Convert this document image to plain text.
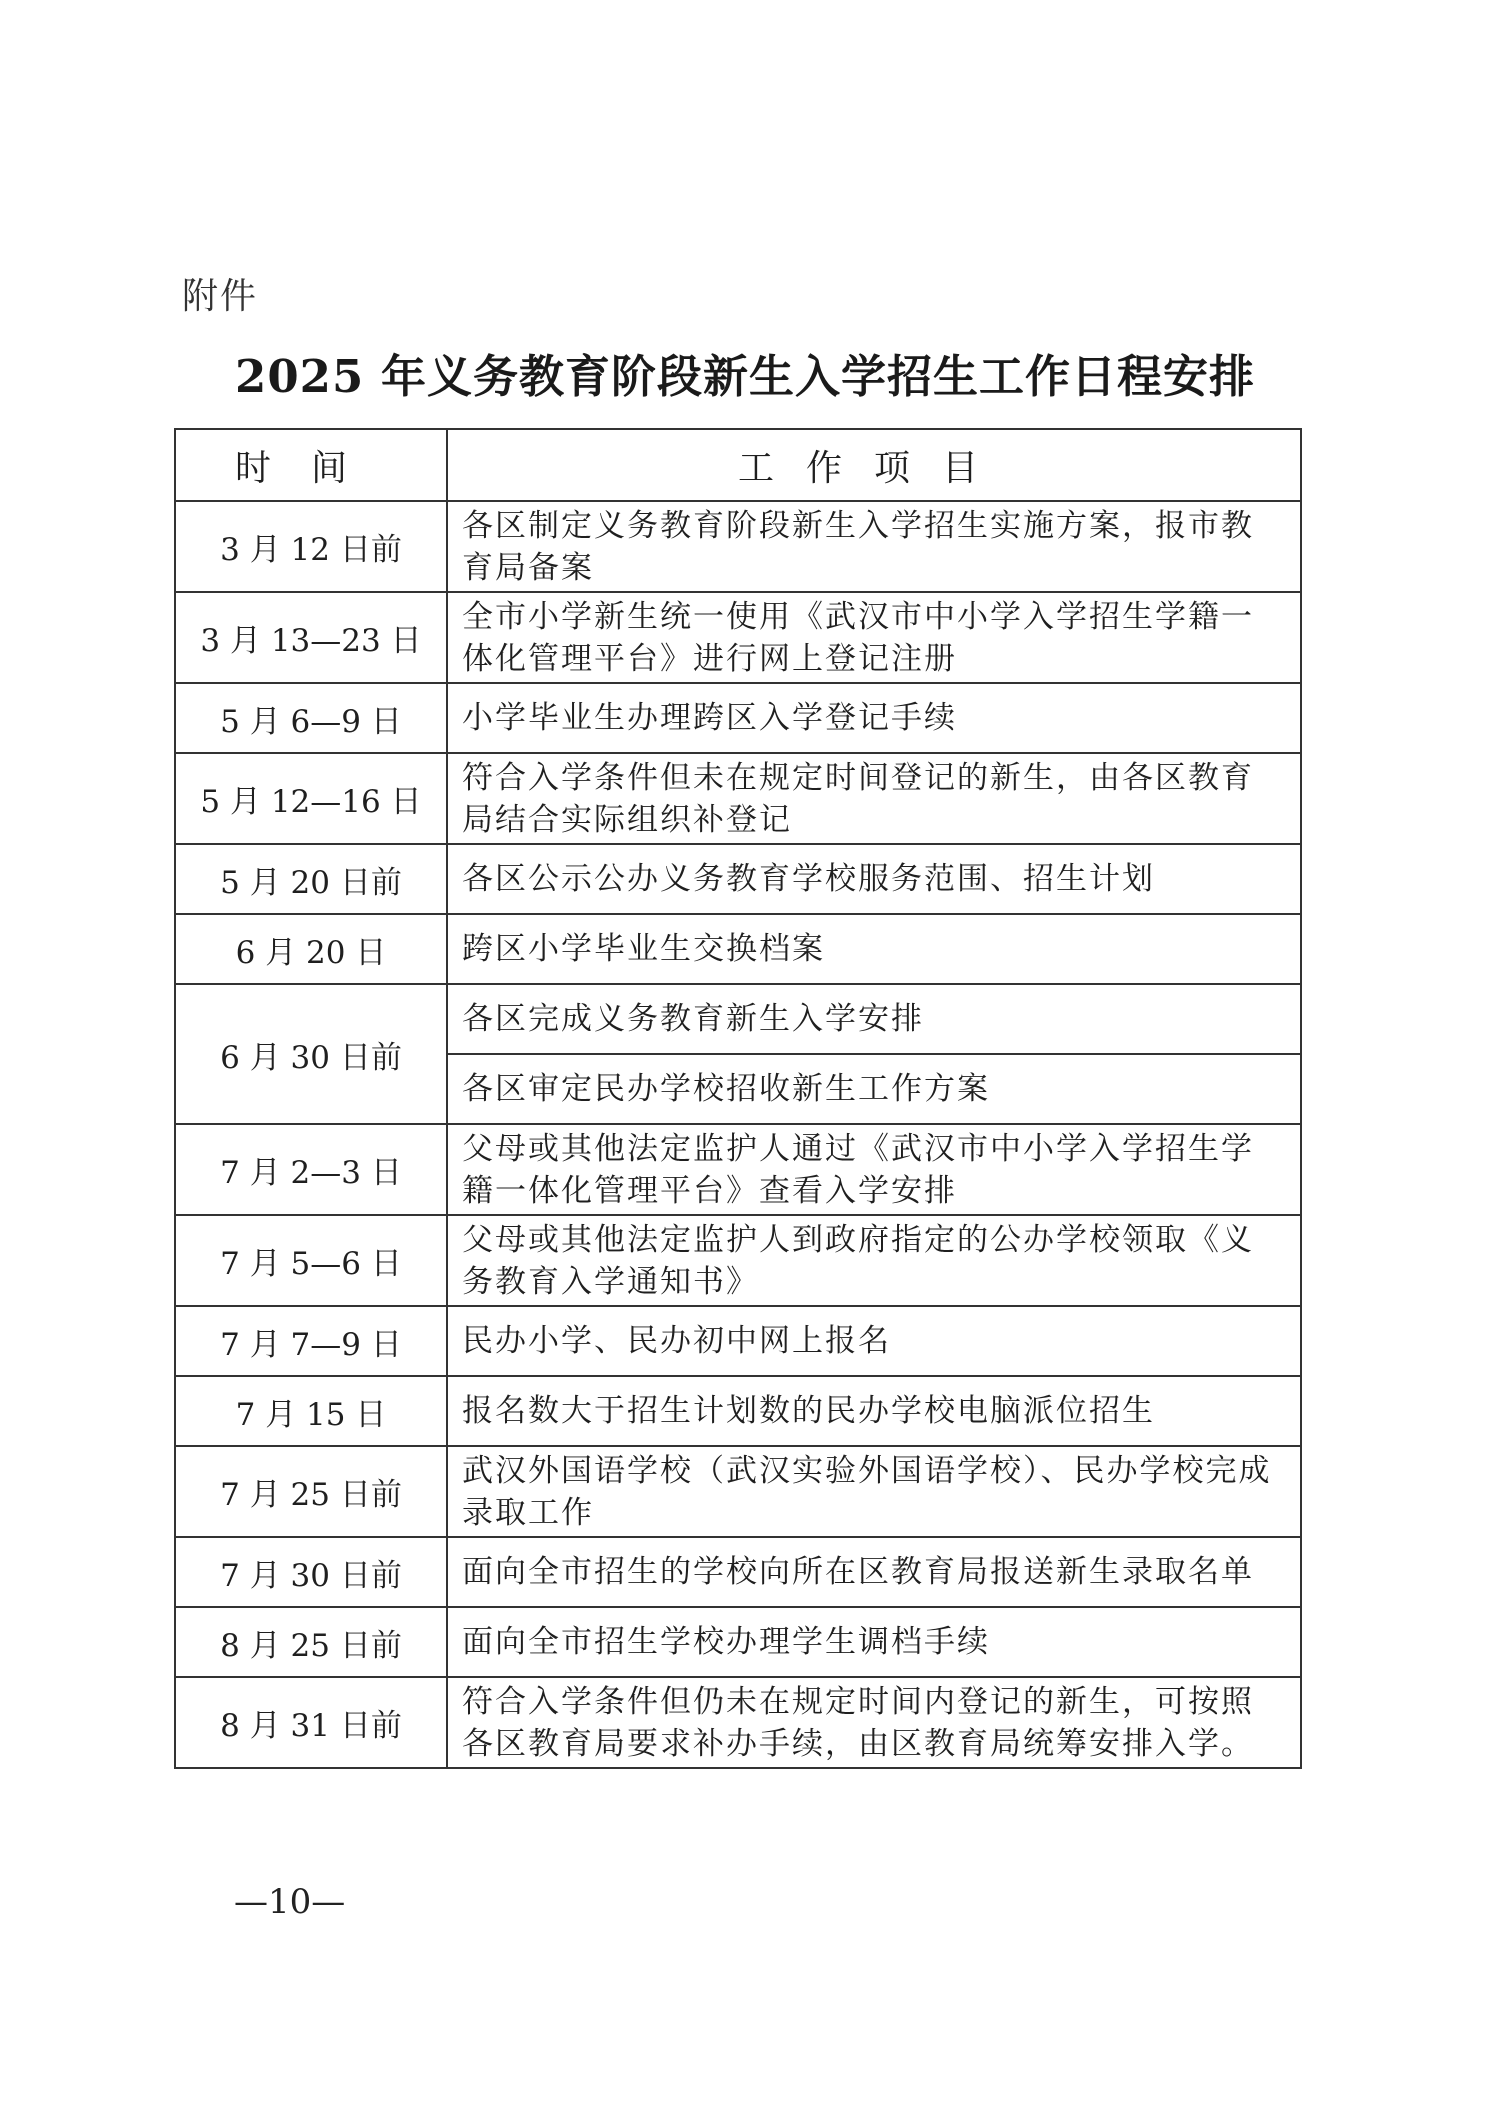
附件
2025 年义务教育阶段新生入学招生工作日程安排
时间	工作项目
3 月 12 日前	各区制定义务教育阶段新生入学招生实施方案，报市教育局备案
3 月 13—23 日	全市小学新生统一使用《武汉市中小学入学招生学籍一体化管理平台》进行网上登记注册
5 月 6—9 日	小学毕业生办理跨区入学登记手续
5 月 12—16 日	符合入学条件但未在规定时间登记的新生，由各区教育局结合实际组织补登记
5 月 20 日前	各区公示公办义务教育学校服务范围、招生计划
6 月 20 日	跨区小学毕业生交换档案
6 月 30 日前	各区完成义务教育新生入学安排
	各区审定民办学校招收新生工作方案
7 月 2—3 日	父母或其他法定监护人通过《武汉市中小学入学招生学籍一体化管理平台》查看入学安排
7 月 5—6 日	父母或其他法定监护人到政府指定的公办学校领取《义务教育入学通知书》
7 月 7—9 日	民办小学、民办初中网上报名
7 月 15 日	报名数大于招生计划数的民办学校电脑派位招生
7 月 25 日前	武汉外国语学校（武汉实验外国语学校）、民办学校完成录取工作
7 月 30 日前	面向全市招生的学校向所在区教育局报送新生录取名单
8 月 25 日前	面向全市招生学校办理学生调档手续
8 月 31 日前	符合入学条件但仍未在规定时间内登记的新生，可按照各区教育局要求补办手续，由区教育局统筹安排入学。
—10—
